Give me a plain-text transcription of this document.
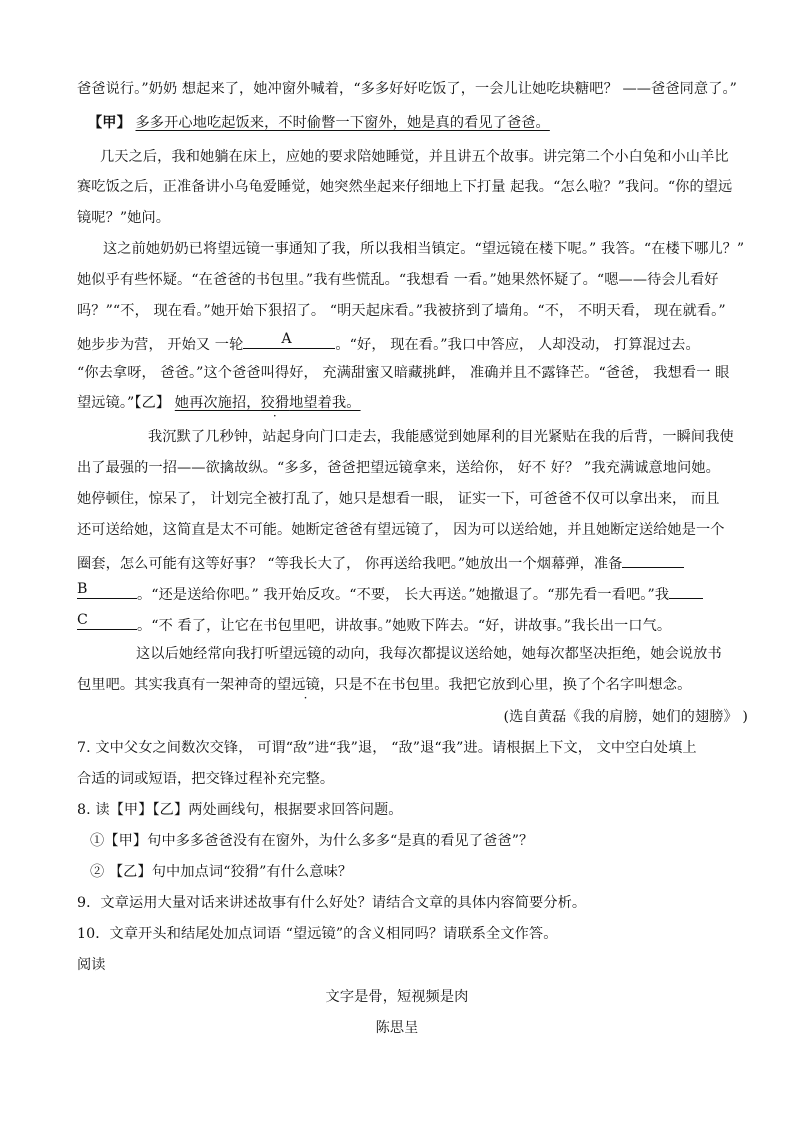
爸爸说行。”奶奶 想起来了，她冲窗外喊着，“多多好好吃饭了，一会儿让她吃块糖吧？ ——爸爸同意了。”
【甲】 多多开心地吃起饭来，不时偷瞥一下窗外，她是真的看见了爸爸。
几天之后，我和她躺在床上，应她的要求陪她睡觉，并且讲五个故事。讲完第二个小白兔和小山羊比
赛吃饭之后，正准备讲小乌龟爱睡觉，她突然坐起来仔细地上下打量 起我。“怎么啦？”我问。“你的望远
镜呢？”她问。
这之前她奶奶已将望远镜一事通知了我，所以我相当镇定。“望远镜在楼下呢。” 我答。“在楼下哪儿？”
她似乎有些怀疑。“在爸爸的书包里。”我有些慌乱。“我想看 一看。”她果然怀疑了。“嗯——待会儿看好
吗？”“不， 现在看。”她开始下狠招了。 “明天起床看。”我被挤到了墙角。“不， 不明天看， 现在就看。”
她步步为营， 开始又 一轮	A	。“好， 现在看。”我口中答应， 人却没动， 打算混过去。
“你去拿呀， 爸爸。”这个爸爸叫得好， 充满甜蜜又暗藏挑衅， 准确并且不露锋芒。“爸爸， 我想看一 眼
望远镜。”【乙】 她再次施招，狡猾地望着我。
我沉默了几秒钟，站起身向门口走去，我能感觉到她犀利的目光紧贴在我的后背，一瞬间我使
出了最强的一招——欲擒故纵。“多多，爸爸把望远镜拿来，送给你， 好不 好？ ”我充满诚意地问她。
她停顿住，惊呆了， 计划完全被打乱了，她只是想看一眼， 证实一下，可爸爸不仅可以拿出来， 而且
还可送给她，这简直是太不可能。她断定爸爸有望远镜了， 因为可以送给她，并且她断定送给她是一个
圈套，怎么可能有这等好事？ “等我长大了， 你再送给我吧。”她放出一个烟幕弹，准备
B	。“还是送给你吧。” 我开始反攻。“不要， 长大再送。”她撤退了。“那先看一看吧。”我
C	。“不 看了，让它在书包里吧，讲故事。”她败下阵去。“好，讲故事。”我长出一口气。
这以后她经常向我打听望远镜的动向，我每次都提议送给她，她每次都坚决拒绝，她会说放书
包里吧。其实我真有一架神奇的望远镜，只是不在书包里。我把它放到心里，换了个名字叫想念。
(选自黄磊《我的肩膀，她们的翅膀》 )
7. 文中父女之间数次交锋， 可谓“敌”进“我”退， “敌”退“我”进。请根据上下文， 文中空白处填上
合适的词或短语，把交锋过程补充完整。
8. 读【甲】【乙】两处画线句，根据要求回答问题。
①【甲】句中多多爸爸没有在窗外，为什么多多“是真的看见了爸爸”？
② 【乙】句中加点词“狡猾”有什么意味？
9．文章运用大量对话来讲述故事有什么好处？请结合文章的具体内容简要分析。
10．文章开头和结尾处加点词语 “望远镜”的含义相同吗？请联系全文作答。
阅读
文字是骨，短视频是肉
陈思呈
